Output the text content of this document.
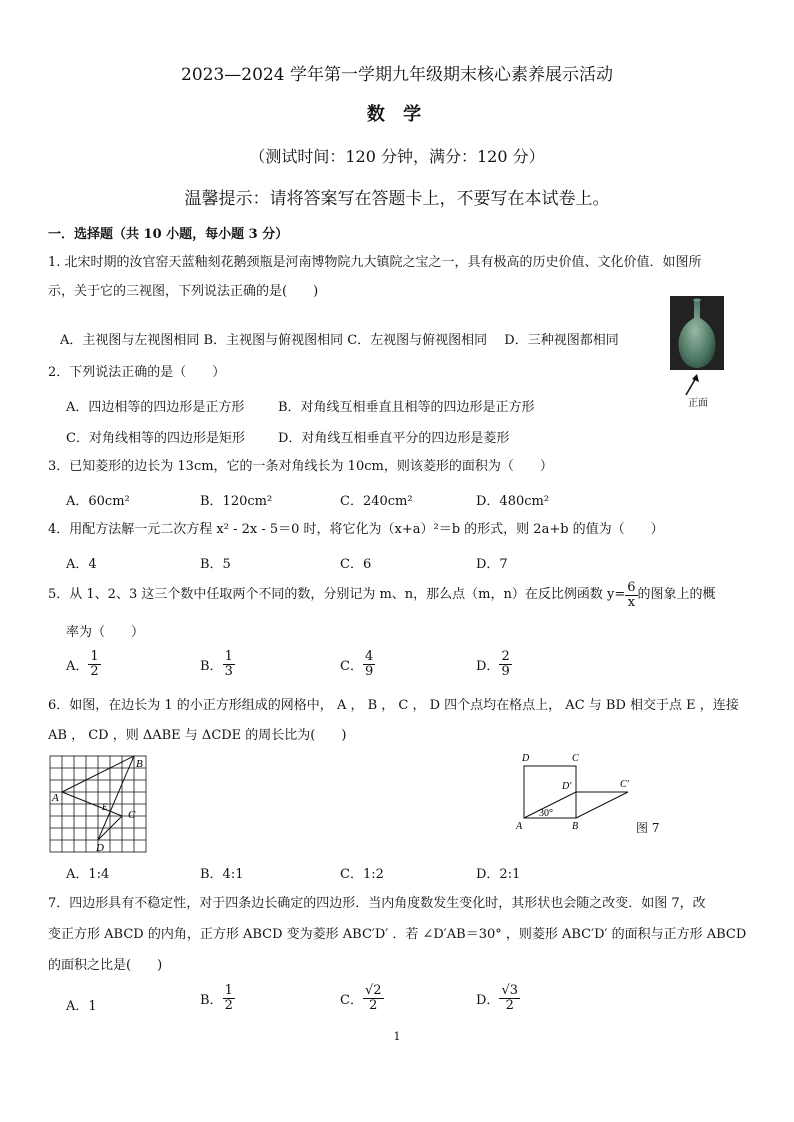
2023—2024 学年第一学期九年级期末核心素养展示活动
数 学
（测试时间：120 分钟，满分：120 分）
温馨提示：请将答案写在答题卡上，不要写在本试卷上。
一．选择题（共 10 小题，每小题 3 分）
1. 北宋时期的汝官窑天蓝釉刻花鹅颈瓶是河南博物院九大镇院之宝之一，具有极高的历史价值、文化价值．如图所
示，关于它的三视图，下列说法正确的是(　　)
A．主视图与左视图相同 B．主视图与俯视图相同 C．左视图与俯视图相同　 D．三种视图都相同
正面
2．下列说法正确的是（　　）
A．四边相等的四边形是正方形	B．对角线互相垂直且相等的四边形是正方形
C．对角线相等的四边形是矩形	D．对角线互相垂直平分的四边形是菱形
3．已知菱形的边长为 13cm，它的一条对角线长为 10cm，则该菱形的面积为（　　）
A．60cm²	B．120cm²	C．240cm²	D．480cm²
4．用配方法解一元二次方程 x² - 2x - 5＝0 时，将它化为（x+a）²＝b 的形式，则 2a+b 的值为（　　）
A．4	B．5	C．6	D．7
5．从 1、2、3 这三个数中任取两个不同的数，分别记为 m、n，那么点（m，n）在反比例函数 $y= \frac{6}{x}$ 的图象上的概
率为（　　）
A． $\frac{1}{2}$	B． $\frac{1}{3}$	C． $\frac{4}{9}$	D． $\frac{2}{9}$
6．如图，在边长为 1 的小正方形组成的网格中， A ， B ， C ， D 四个点均在格点上， AC 与 BD 相交于点 E ，连接
AB ， CD ，则 ΔABE 与 ΔCDE 的周长比为(　　)
A
B
C
D
E
D	C
D′	C′
A	B
30°
图 7
A．1:4	B．4:1	C．1:2	D．2:1
7．四边形具有不稳定性，对于四条边长确定的四边形．当内角度数发生变化时，其形状也会随之改变．如图 7，改
变正方形 ABCD 的内角，正方形 ABCD 变为菱形 ABC′D′ ．若 ∠D′AB＝30° ，则菱形 ABC′D′ 的面积与正方形 ABCD
的面积之比是(　　)
A．1	B． $\frac{1}{2}$	C． $\frac{√2}{2}$	D． $\frac{√3}{2}$
1
